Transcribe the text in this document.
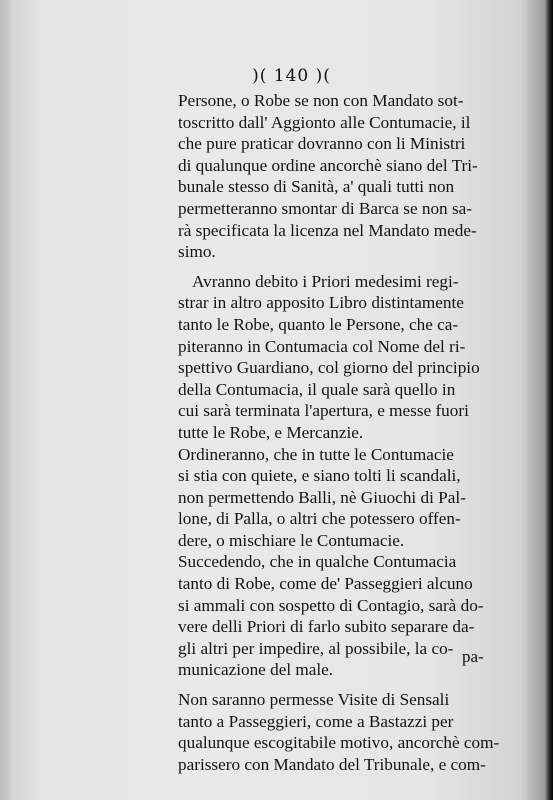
)( 140 )(
Persone, o Robe se non con Mandato sot-
toscritto dall' Aggionto alle Contumacie, il
che pure praticar dovranno con li Ministri
di qualunque ordine ancorchè siano del Tri-
bunale stesso di Sanità, a' quali tutti non
permetteranno smontar di Barca se non sa-
rà specificata la licenza nel Mandato mede-
simo.
Avranno debito i Priori medesimi regi-
strar in altro apposito Libro distintamente
tanto le Robe, quanto le Persone, che ca-
piteranno in Contumacia col Nome del ri-
spettivo Guardiano, col giorno del principio
della Contumacia, il quale sarà quello in
cui sarà terminata l'apertura, e messe fuori
tutte le Robe, e Mercanzie.
Ordineranno, che in tutte le Contumacie
si stia con quiete, e siano tolti li scandali,
non permettendo Balli, nè Giuochi di Pal-
lone, di Palla, o altri che potessero offen-
dere, o mischiare le Contumacie.
Succedendo, che in qualche Contumacia
tanto di Robe, come de' Passeggieri alcuno
si ammali con sospetto di Contagio, sarà do-
vere delli Priori di farlo subito separare da-
gli altri per impedire, al possibile, la co-
municazione del male.
Non saranno permesse Visite di Sensali
tanto a Passeggieri, come a Bastazzi per
qualunque escogitabile motivo, ancorchè com-
parissero con Mandato del Tribunale, e com-
pa-
